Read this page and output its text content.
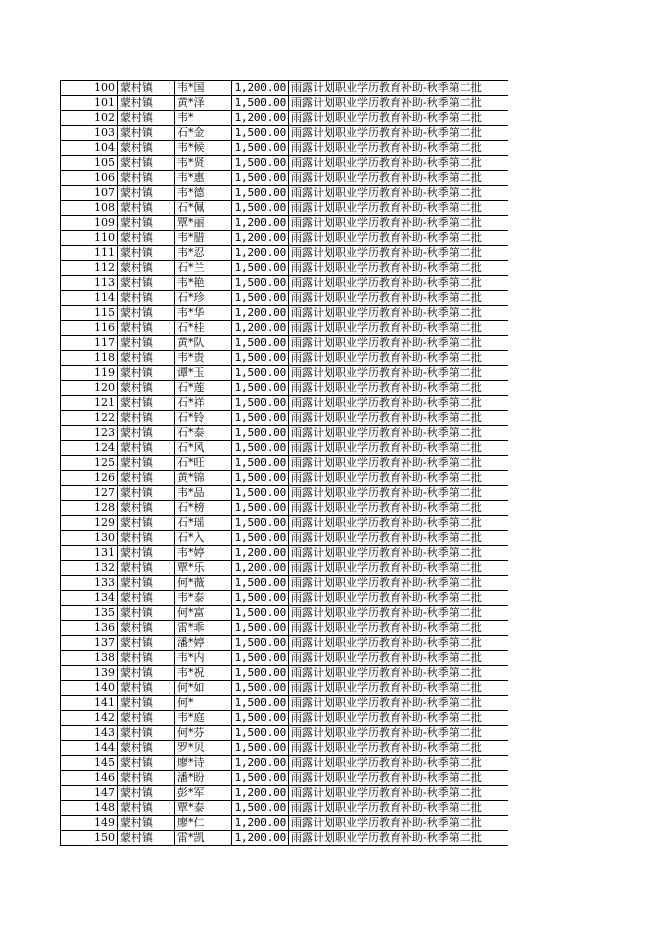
100	蒙村镇	韦*国	1,200.00	雨露计划职业学历教育补助-秋季第二批
101	蒙村镇	黄*泽	1,500.00	雨露计划职业学历教育补助-秋季第二批
102	蒙村镇	韦*	1,200.00	雨露计划职业学历教育补助-秋季第二批
103	蒙村镇	石*金	1,500.00	雨露计划职业学历教育补助-秋季第二批
104	蒙村镇	韦*候	1,500.00	雨露计划职业学历教育补助-秋季第二批
105	蒙村镇	韦*贤	1,500.00	雨露计划职业学历教育补助-秋季第二批
106	蒙村镇	韦*惠	1,500.00	雨露计划职业学历教育补助-秋季第二批
107	蒙村镇	韦*德	1,500.00	雨露计划职业学历教育补助-秋季第二批
108	蒙村镇	石*佩	1,500.00	雨露计划职业学历教育补助-秋季第二批
109	蒙村镇	覃*丽	1,200.00	雨露计划职业学历教育补助-秋季第二批
110	蒙村镇	韦*腊	1,200.00	雨露计划职业学历教育补助-秋季第二批
111	蒙村镇	韦*忍	1,200.00	雨露计划职业学历教育补助-秋季第二批
112	蒙村镇	石*兰	1,500.00	雨露计划职业学历教育补助-秋季第二批
113	蒙村镇	韦*艳	1,500.00	雨露计划职业学历教育补助-秋季第二批
114	蒙村镇	石*珍	1,500.00	雨露计划职业学历教育补助-秋季第二批
115	蒙村镇	韦*华	1,200.00	雨露计划职业学历教育补助-秋季第二批
116	蒙村镇	石*桂	1,200.00	雨露计划职业学历教育补助-秋季第二批
117	蒙村镇	黄*队	1,500.00	雨露计划职业学历教育补助-秋季第二批
118	蒙村镇	韦*贵	1,500.00	雨露计划职业学历教育补助-秋季第二批
119	蒙村镇	谭*玉	1,500.00	雨露计划职业学历教育补助-秋季第二批
120	蒙村镇	石*莲	1,500.00	雨露计划职业学历教育补助-秋季第二批
121	蒙村镇	石*祥	1,500.00	雨露计划职业学历教育补助-秋季第二批
122	蒙村镇	石*铃	1,500.00	雨露计划职业学历教育补助-秋季第二批
123	蒙村镇	石*泰	1,500.00	雨露计划职业学历教育补助-秋季第二批
124	蒙村镇	石*风	1,500.00	雨露计划职业学历教育补助-秋季第二批
125	蒙村镇	石*旺	1,500.00	雨露计划职业学历教育补助-秋季第二批
126	蒙村镇	黄*锦	1,500.00	雨露计划职业学历教育补助-秋季第二批
127	蒙村镇	韦*品	1,500.00	雨露计划职业学历教育补助-秋季第二批
128	蒙村镇	石*榜	1,500.00	雨露计划职业学历教育补助-秋季第二批
129	蒙村镇	石*瑶	1,500.00	雨露计划职业学历教育补助-秋季第二批
130	蒙村镇	石*入	1,500.00	雨露计划职业学历教育补助-秋季第二批
131	蒙村镇	韦*婷	1,200.00	雨露计划职业学历教育补助-秋季第二批
132	蒙村镇	覃*乐	1,200.00	雨露计划职业学历教育补助-秋季第二批
133	蒙村镇	何*薇	1,500.00	雨露计划职业学历教育补助-秋季第二批
134	蒙村镇	韦*泰	1,500.00	雨露计划职业学历教育补助-秋季第二批
135	蒙村镇	何*富	1,500.00	雨露计划职业学历教育补助-秋季第二批
136	蒙村镇	雷*乖	1,500.00	雨露计划职业学历教育补助-秋季第二批
137	蒙村镇	潘*婷	1,500.00	雨露计划职业学历教育补助-秋季第二批
138	蒙村镇	韦*内	1,500.00	雨露计划职业学历教育补助-秋季第二批
139	蒙村镇	韦*祝	1,500.00	雨露计划职业学历教育补助-秋季第二批
140	蒙村镇	何*如	1,500.00	雨露计划职业学历教育补助-秋季第二批
141	蒙村镇	何*	1,500.00	雨露计划职业学历教育补助-秋季第二批
142	蒙村镇	韦*庭	1,500.00	雨露计划职业学历教育补助-秋季第二批
143	蒙村镇	何*芬	1,500.00	雨露计划职业学历教育补助-秋季第二批
144	蒙村镇	罗*贝	1,500.00	雨露计划职业学历教育补助-秋季第二批
145	蒙村镇	廖*诗	1,200.00	雨露计划职业学历教育补助-秋季第二批
146	蒙村镇	潘*盼	1,500.00	雨露计划职业学历教育补助-秋季第二批
147	蒙村镇	彭*军	1,200.00	雨露计划职业学历教育补助-秋季第二批
148	蒙村镇	覃*泰	1,500.00	雨露计划职业学历教育补助-秋季第二批
149	蒙村镇	廖*仁	1,200.00	雨露计划职业学历教育补助-秋季第二批
150	蒙村镇	雷*凯	1,200.00	雨露计划职业学历教育补助-秋季第二批
